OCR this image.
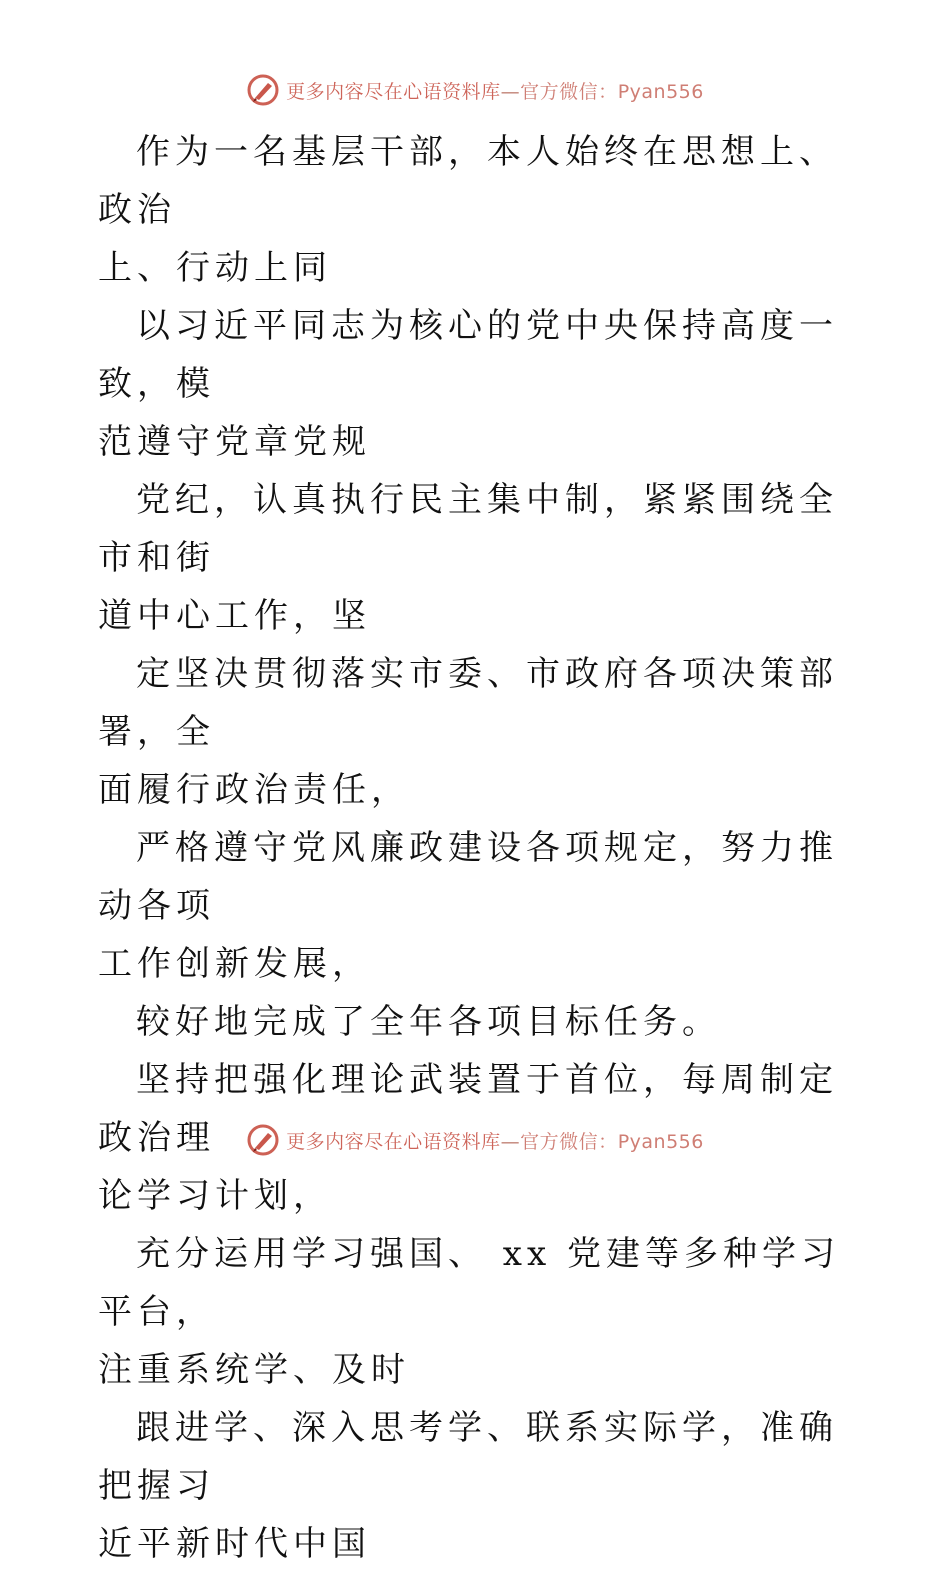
更多内容尽在心语资料库—官方微信：Pyan556

作为一名基层干部，本人始终在思想上、政治
上、行动上同

以习近平同志为核心的党中央保持高度一致，模
范遵守党章党规

党纪，认真执行民主集中制，紧紧围绕全市和街
道中心工作，坚

定坚决贯彻落实市委、市政府各项决策部署，全
面履行政治责任，

严格遵守党风廉政建设各项规定，努力推动各项
工作创新发展，

较好地完成了全年各项目标任务。

坚持把强化理论武装置于首位，每周制定政治理
论学习计划，

充分运用学习强国、 xx 党建等多种学习平台，
注重系统学、及时

跟进学、深入思考学、联系实际学，准确把握习
近平新时代中国

更多内容尽在心语资料库—官方微信：Pyan556
